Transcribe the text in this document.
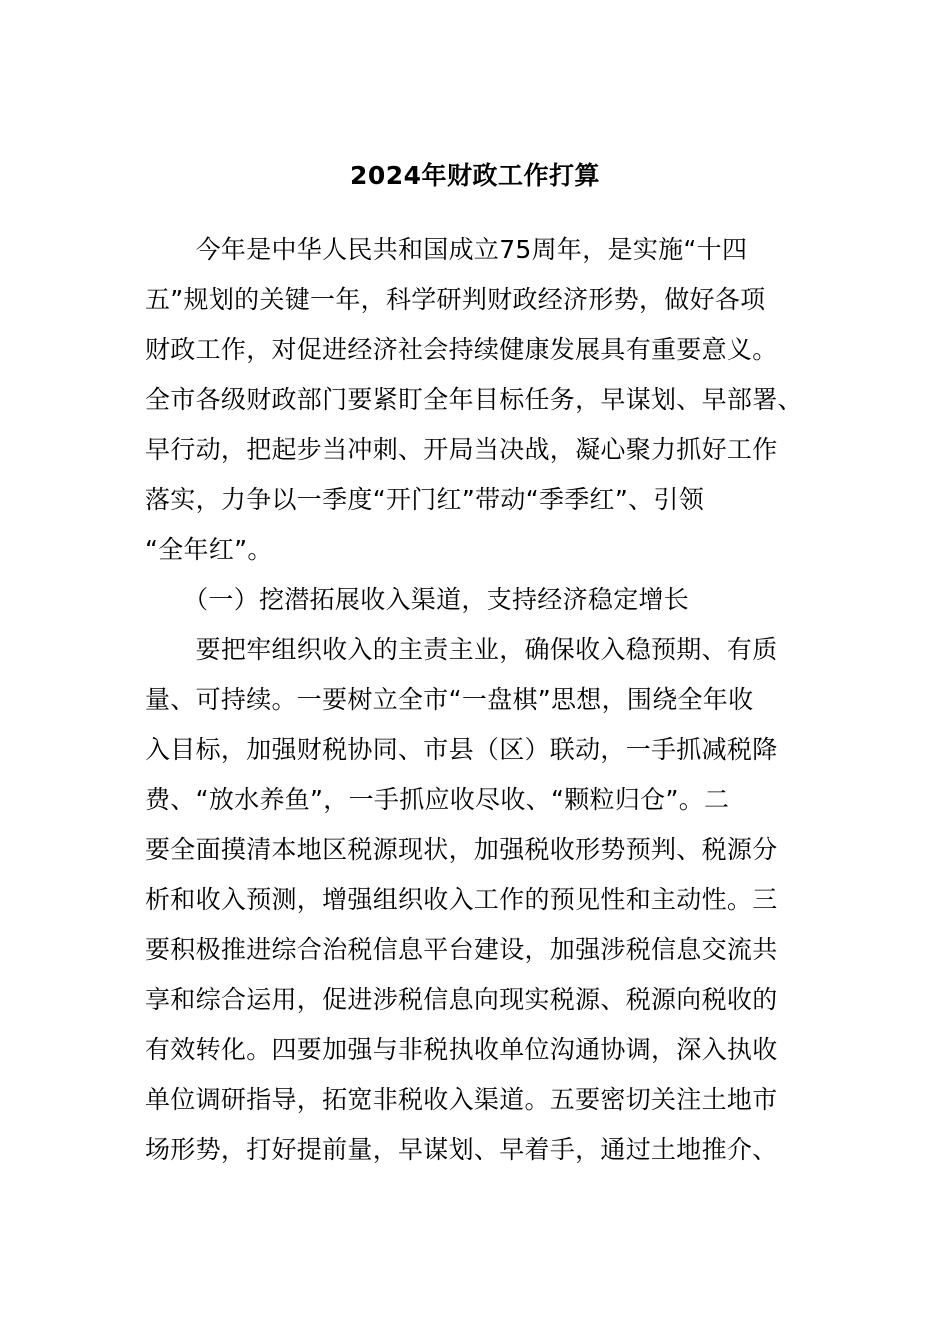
2024年财政工作打算
　　今年是中华人民共和国成立75周年，是实施“十四
五”规划的关键一年，科学研判财政经济形势，做好各项
财政工作，对促进经济社会持续健康发展具有重要意义。
全市各级财政部门要紧盯全年目标任务，早谋划、早部署、
早行动，把起步当冲刺、开局当决战，凝心聚力抓好工作
落实，力争以一季度“开门红”带动“季季红”、引领
“全年红”。
　　（一）挖潜拓展收入渠道，支持经济稳定增长
　　要把牢组织收入的主责主业，确保收入稳预期、有质
量、可持续。一要树立全市“一盘棋”思想，围绕全年收
入目标，加强财税协同、市县（区）联动，一手抓减税降
费、“放水养鱼”，一手抓应收尽收、“颗粒归仓”。二
要全面摸清本地区税源现状，加强税收形势预判、税源分
析和收入预测，增强组织收入工作的预见性和主动性。三
要积极推进综合治税信息平台建设，加强涉税信息交流共
享和综合运用，促进涉税信息向现实税源、税源向税收的
有效转化。四要加强与非税执收单位沟通协调，深入执收
单位调研指导，拓宽非税收入渠道。五要密切关注土地市
场形势，打好提前量，早谋划、早着手，通过土地推介、
